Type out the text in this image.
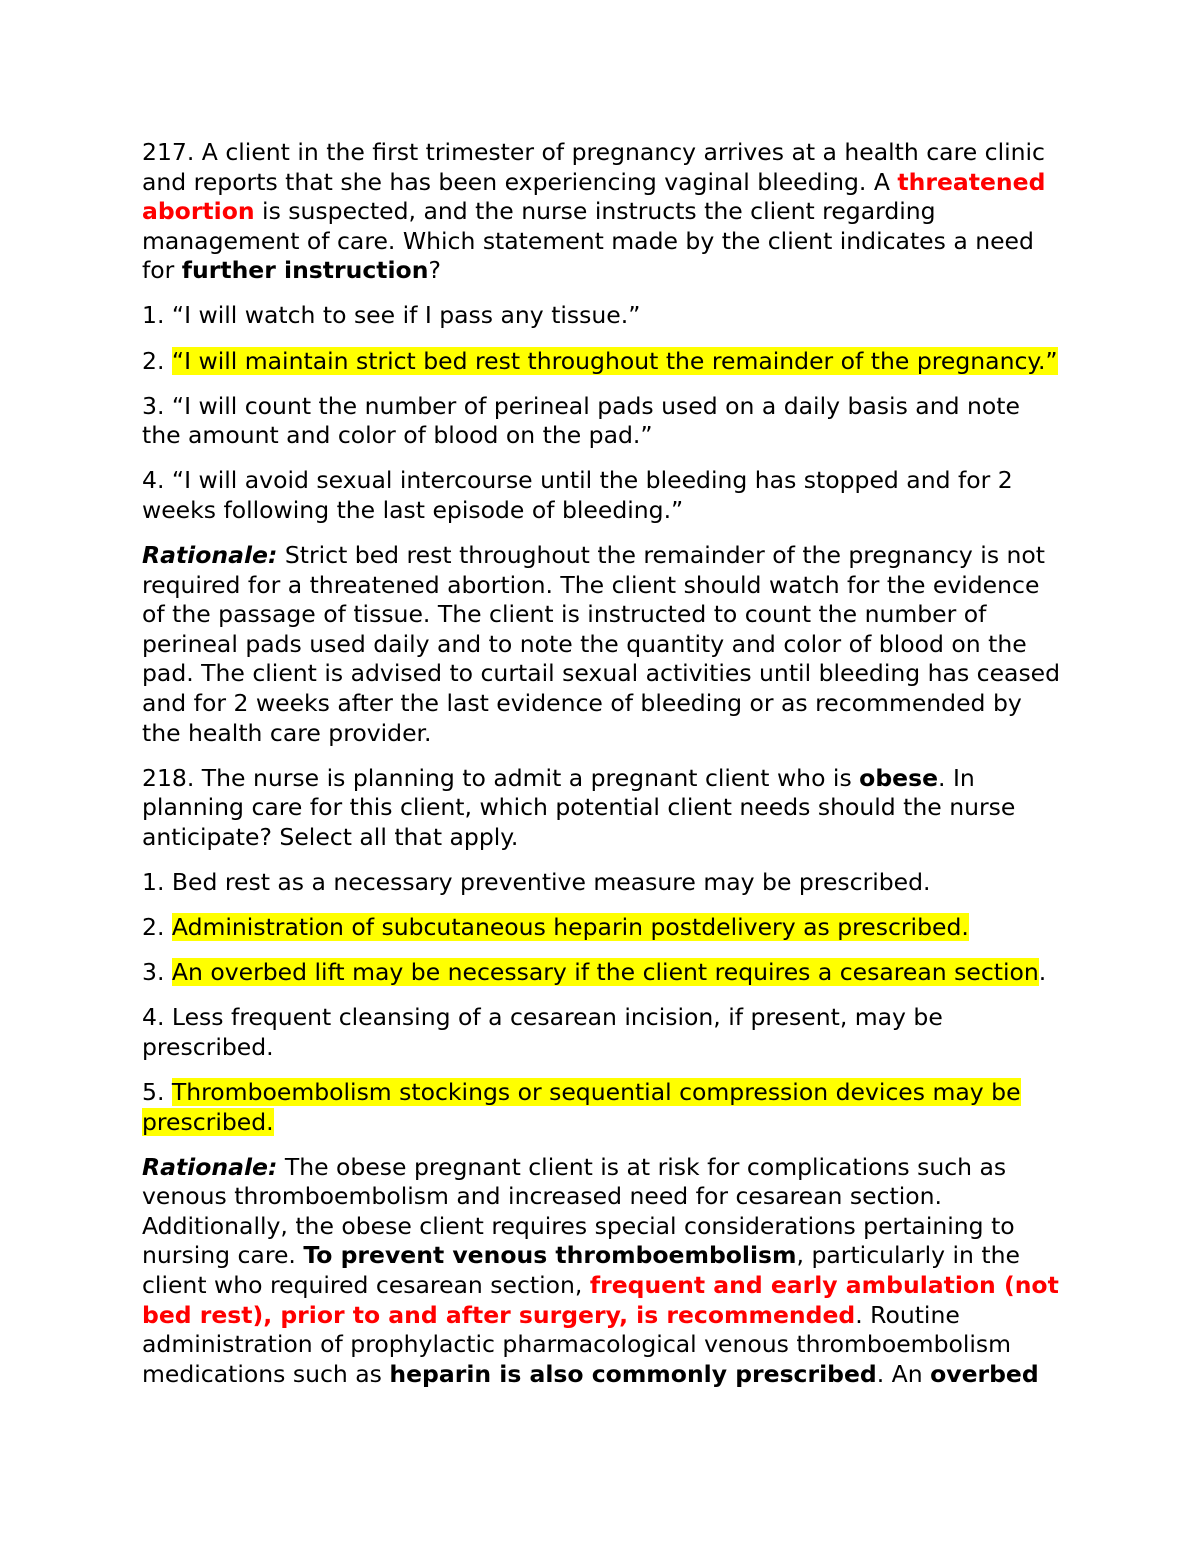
217. A client in the first trimester of pregnancy arrives at a health care clinic and reports that she has been experiencing vaginal bleeding. A threatened abortion is suspected, and the nurse instructs the client regarding management of care. Which statement made by the client indicates a need for further instruction?

1. “I will watch to see if I pass any tissue.”

2. “I will maintain strict bed rest throughout the remainder of the pregnancy.”

3. “I will count the number of perineal pads used on a daily basis and note the amount and color of blood on the pad.”

4. “I will avoid sexual intercourse until the bleeding has stopped and for 2 weeks following the last episode of bleeding.”

Rationale: Strict bed rest throughout the remainder of the pregnancy is not required for a threatened abortion. The client should watch for the evidence of the passage of tissue. The client is instructed to count the number of perineal pads used daily and to note the quantity and color of blood on the pad. The client is advised to curtail sexual activities until bleeding has ceased and for 2 weeks after the last evidence of bleeding or as recommended by the health care provider.

218. The nurse is planning to admit a pregnant client who is obese. In planning care for this client, which potential client needs should the nurse anticipate? Select all that apply.

1. Bed rest as a necessary preventive measure may be prescribed.

2. Administration of subcutaneous heparin postdelivery as prescribed.

3. An overbed lift may be necessary if the client requires a cesarean section.

4. Less frequent cleansing of a cesarean incision, if present, may be prescribed.

5. Thromboembolism stockings or sequential compression devices may be prescribed.

Rationale: The obese pregnant client is at risk for complications such as venous thromboembolism and increased need for cesarean section. Additionally, the obese client requires special considerations pertaining to nursing care. To prevent venous thromboembolism, particularly in the client who required cesarean section, frequent and early ambulation (not bed rest), prior to and after surgery, is recommended. Routine administration of prophylactic pharmacological venous thromboembolism medications such as heparin is also commonly prescribed. An overbed
